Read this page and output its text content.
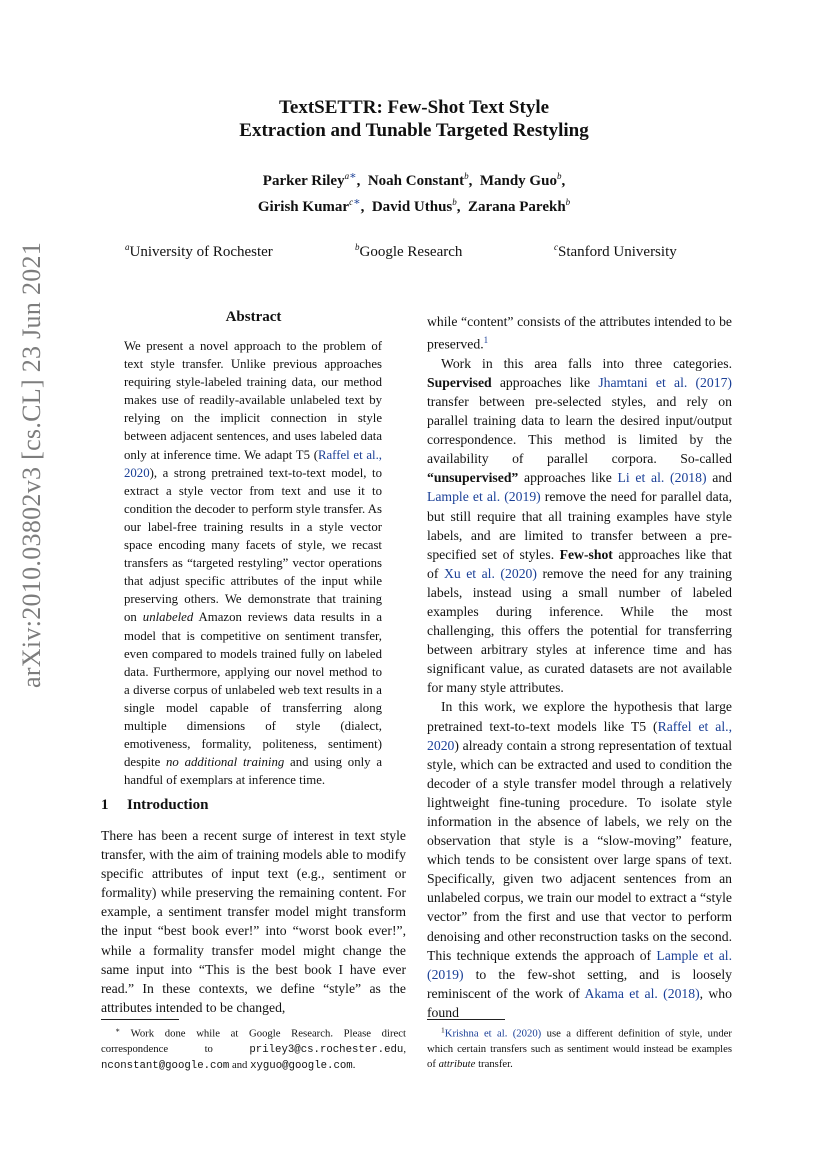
arXiv:2010.03802v3 [cs.CL] 23 Jun 2021
TextSETTR: Few-Shot Text Style
Extraction and Tunable Targeted Restyling
Parker Riley$^{a∗}$,  Noah Constant$^b$,  Mandy Guo$^b$,
Girish Kumar$^{c∗}$,  David Uthus$^b$,  Zarana Parekh$^b$
$^a$University of Rochester	$^b$Google Research	$^c$Stanford University
Abstract
We present a novel approach to the problem of text style transfer. Unlike previous approaches requiring style-labeled training data, our method makes use of readily-available unlabeled text by relying on the implicit connection in style between adjacent sentences, and uses labeled data only at inference time. We adapt T5 (Raffel et al., 2020), a strong pretrained text-to-text model, to extract a style vector from text and use it to condition the decoder to perform style transfer. As our label-free training results in a style vector space encoding many facets of style, we recast transfers as “targeted restyling” vector operations that adjust specific attributes of the input while preserving others. We demonstrate that training on unlabeled Amazon reviews data results in a model that is competitive on sentiment transfer, even compared to models trained fully on labeled data. Furthermore, applying our novel method to a diverse corpus of unlabeled web text results in a single model capable of transferring along multiple dimensions of style (dialect, emotiveness, formality, politeness, sentiment) despite no additional training and using only a handful of exemplars at inference time.
1 Introduction

There has been a recent surge of interest in text style transfer, with the aim of training models able to modify specific attributes of input text (e.g., sentiment or formality) while preserving the remaining content. For example, a sentiment transfer model might transform the input “best book ever!” into “worst book ever!”, while a formality transfer model might change the same input into “This is the best book I have ever read.” In these contexts, we define “style” as the attributes intended to be changed,

∗ Work done while at Google Research. Please direct correspondence to priley3@cs.rochester.edu, nconstant@google.com and xyguo@google.com.

while “content” consists of the attributes intended to be preserved.$^1$

Work in this area falls into three categories. Supervised approaches like Jhamtani et al. (2017) transfer between pre-selected styles, and rely on parallel training data to learn the desired input/output correspondence. This method is limited by the availability of parallel corpora. So-called “unsupervised” approaches like Li et al. (2018) and Lample et al. (2019) remove the need for parallel data, but still require that all training examples have style labels, and are limited to transfer between a pre-specified set of styles. Few-shot approaches like that of Xu et al. (2020) remove the need for any training labels, instead using a small number of labeled examples during inference. While the most challenging, this offers the potential for transferring between arbitrary styles at inference time and has significant value, as curated datasets are not available for many style attributes.

In this work, we explore the hypothesis that large pretrained text-to-text models like T5 (Raffel et al., 2020) already contain a strong representation of textual style, which can be extracted and used to condition the decoder of a style transfer model through a relatively lightweight fine-tuning procedure. To isolate style information in the absence of labels, we rely on the observation that style is a “slow-moving” feature, which tends to be consistent over large spans of text. Specifically, given two adjacent sentences from an unlabeled corpus, we train our model to extract a “style vector” from the first and use that vector to perform denoising and other reconstruction tasks on the second. This technique extends the approach of Lample et al. (2019) to the few-shot setting, and is loosely reminiscent of the work of Akama et al. (2018), who found

$^1$Krishna et al. (2020) use a different definition of style, under which certain transfers such as sentiment would instead be examples of attribute transfer.
